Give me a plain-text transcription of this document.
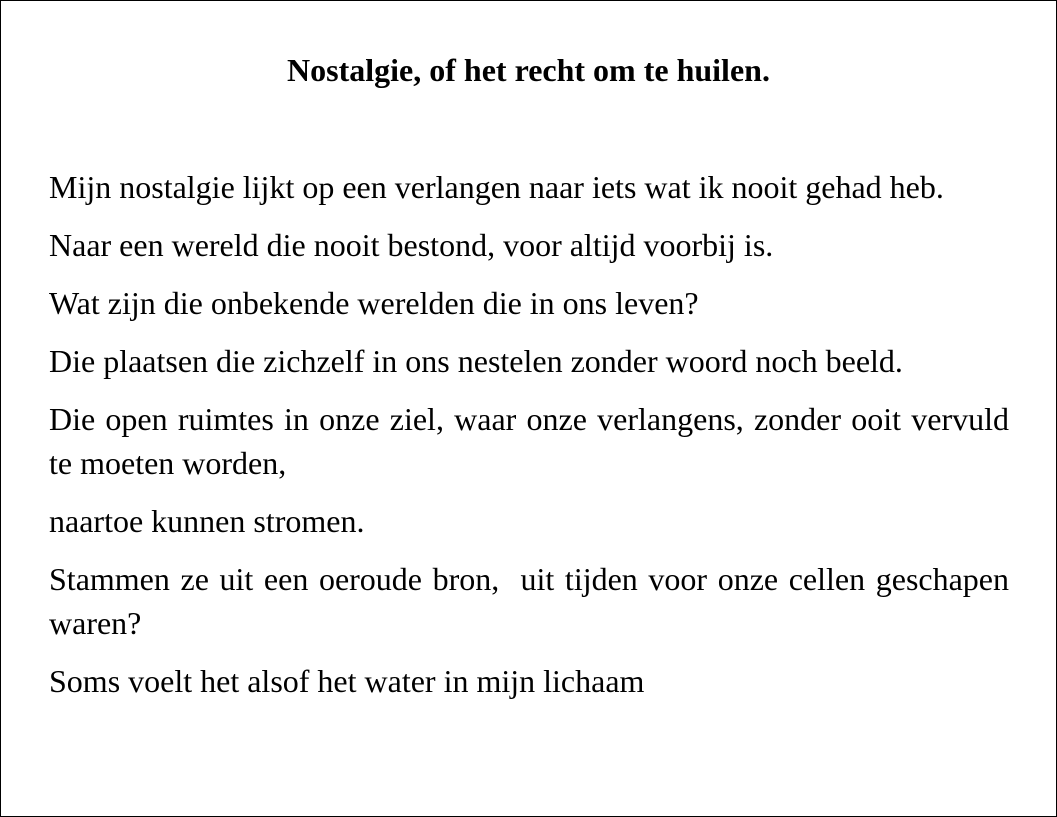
Nostalgie, of het recht om te huilen.

Mijn nostalgie lijkt op een verlangen naar iets wat ik nooit gehad heb.

Naar een wereld die nooit bestond, voor altijd voorbij is.

Wat zijn die onbekende werelden die in ons leven?

Die plaatsen die zichzelf in ons nestelen zonder woord noch beeld.

Die open ruimtes in onze ziel, waar onze verlangens, zonder ooit vervuld te moeten worden,

naartoe kunnen stromen.

Stammen ze uit een oeroude bron,  uit tijden voor onze cellen geschapen waren?

Soms voelt het alsof het water in mijn lichaam
